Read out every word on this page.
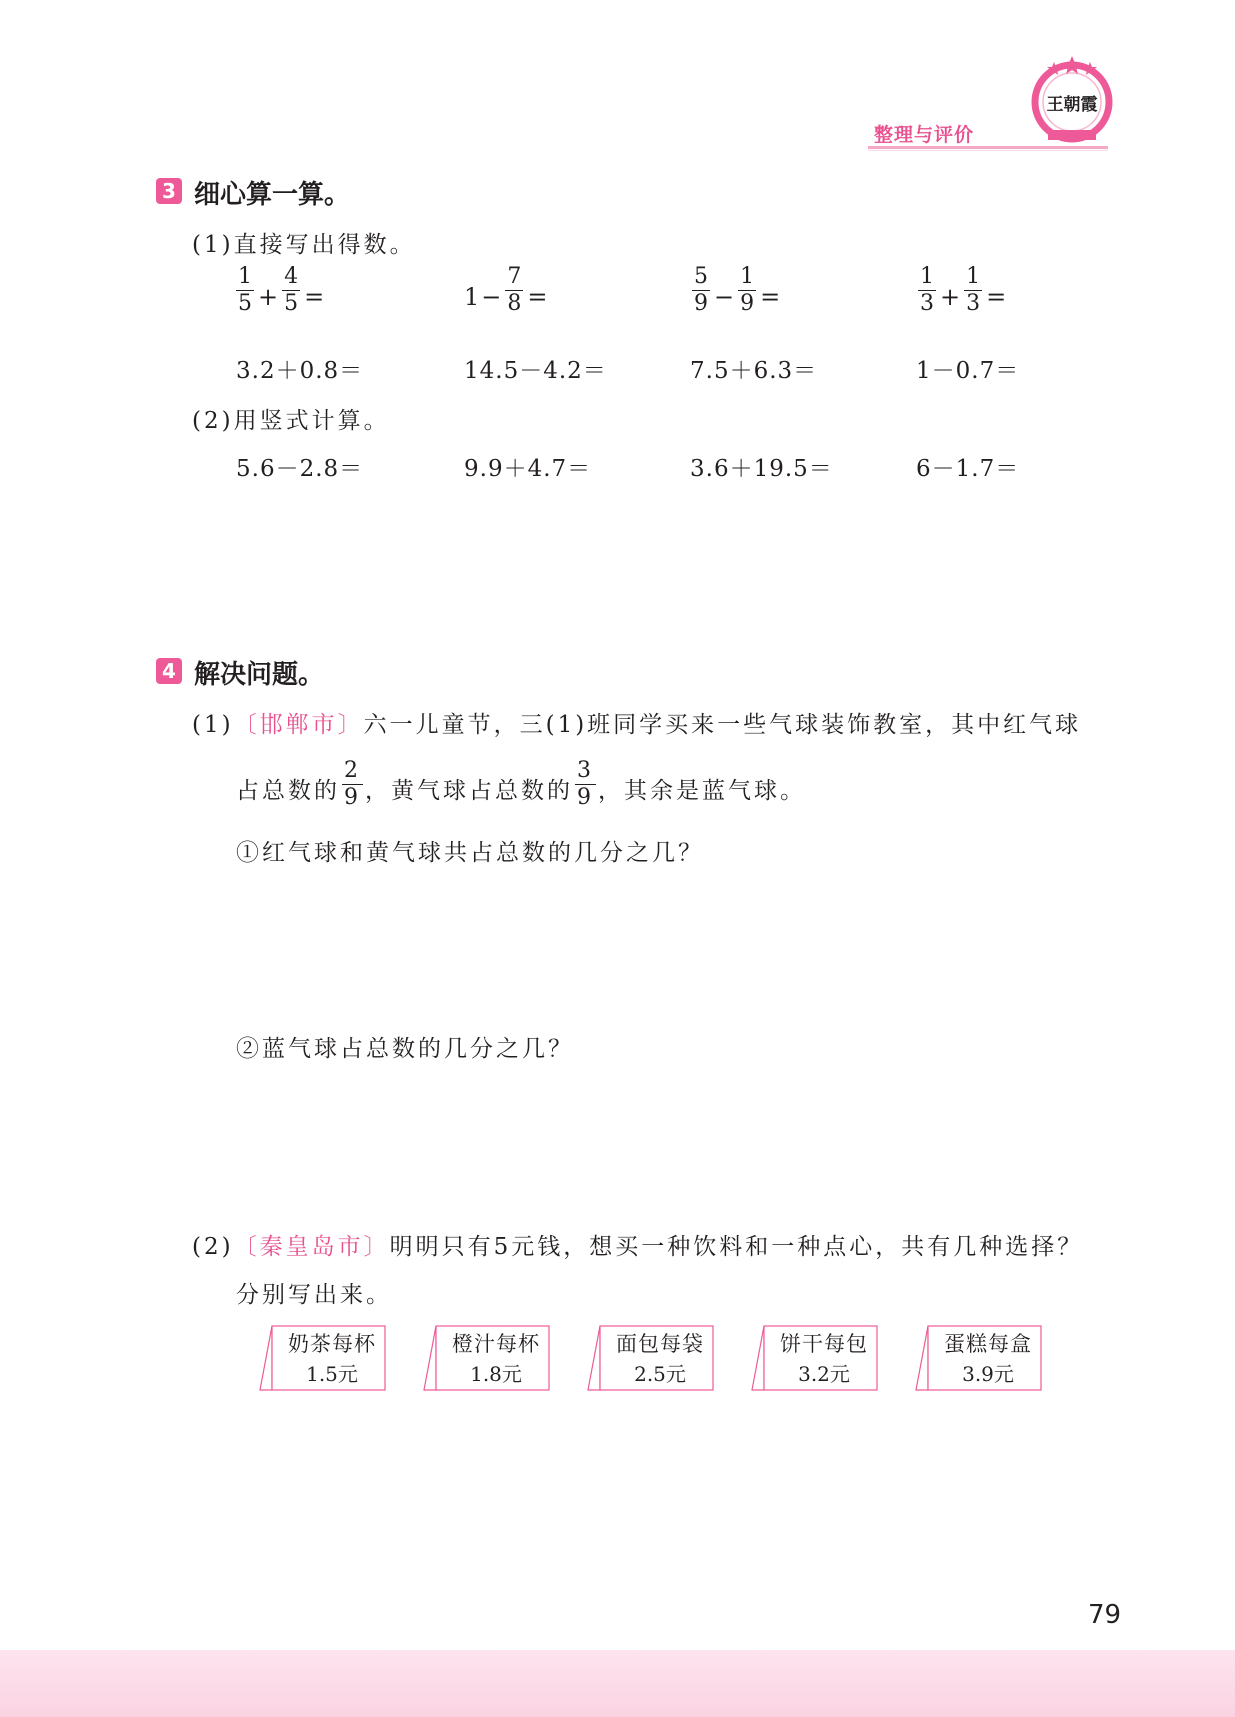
王朝霞
整理与评价
3 细心算一算。
(1)直接写出得数。
$\frac{1}{5} + \frac{4}{5}$ =	$1 - \frac{7}{8}$ =	$\frac{5}{9} - \frac{1}{9}$ =	$\frac{1}{3} + \frac{1}{3}$ =
3.2＋0.8＝	14.5－4.2＝	7.5＋6.3＝	1－0.7＝
(2)用竖式计算。
5.6－2.8＝	9.9＋4.7＝	3.6＋19.5＝	6－1.7＝
4 解决问题。
(1)〔邯郸市〕六一儿童节，三(1)班同学买来一些气球装饰教室，其中红气球
占总数的 $\frac{2}{9}$ ，黄气球占总数的 $\frac{3}{9}$ ，其余是蓝气球。
①红气球和黄气球共占总数的几分之几？
②蓝气球占总数的几分之几？
(2)〔秦皇岛市〕明明只有5元钱，想买一种饮料和一种点心，共有几种选择？
分别写出来。
奶茶每杯
1.5元
橙汁每杯
1.8元
面包每袋
2.5元
饼干每包
3.2元
蛋糕每盒
3.9元
79
